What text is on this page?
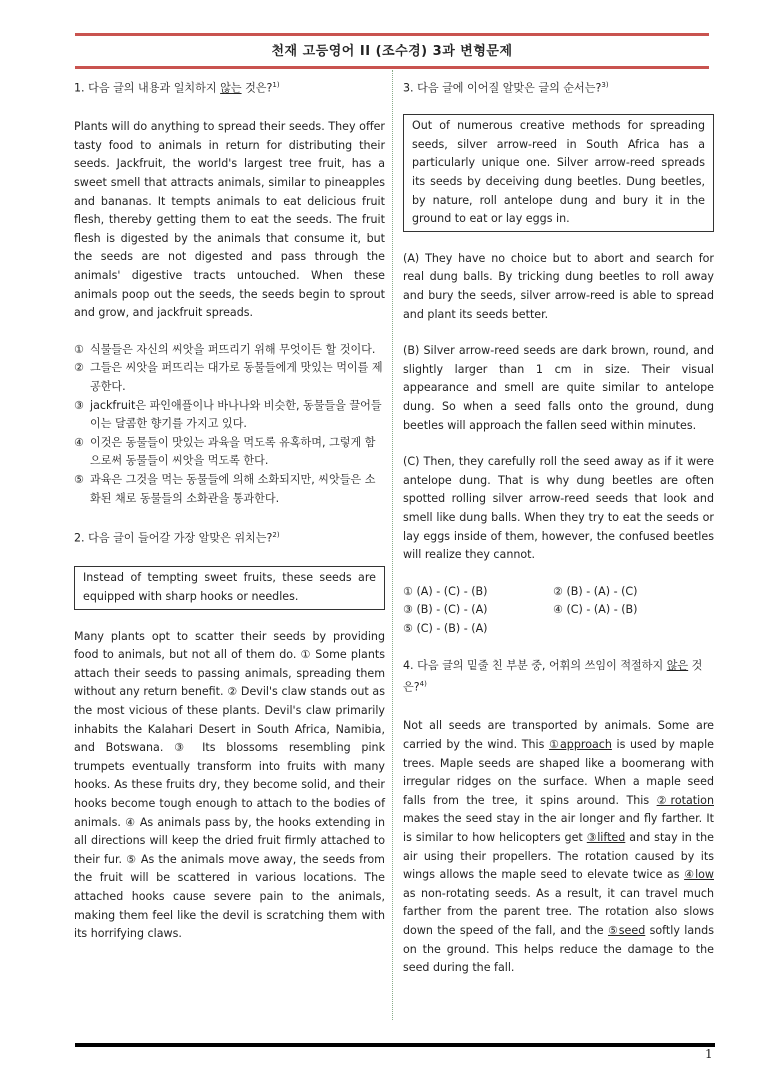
천재 고등영어 II (조수경) 3과 변형문제

1. 다음 글의 내용과 일치하지 않는 것은?$^{1)}$

Plants will do anything to spread their seeds. They offer tasty food to animals in return for distributing their seeds. Jackfruit, the world's largest tree fruit, has a sweet smell that attracts animals, similar to pineapples and bananas. It tempts animals to eat delicious fruit flesh, thereby getting them to eat the seeds. The fruit flesh is digested by the animals that consume it, but the seeds are not digested and pass through the animals' digestive tracts untouched. When these animals poop out the seeds, the seeds begin to sprout and grow, and jackfruit spreads.

① 식물들은 자신의 씨앗을 퍼뜨리기 위해 무엇이든 할 것이다.
② 그들은 씨앗을 퍼뜨리는 대가로 동물들에게 맛있는 먹이를 제공한다.
③ jackfruit은 파인애플이나 바나나와 비슷한, 동물들을 끌어들이는 달콤한 향기를 가지고 있다.
④ 이것은 동물들이 맛있는 과육을 먹도록 유혹하며, 그렇게 함으로써 동물들이 씨앗을 먹도록 한다.
⑤ 과육은 그것을 먹는 동물들에 의해 소화되지만, 씨앗들은 소화된 채로 동물들의 소화관을 통과한다.

2. 다음 글이 들어갈 가장 알맞은 위치는?$^{2)}$

Instead of tempting sweet fruits, these seeds are equipped with sharp hooks or needles.

Many plants opt to scatter their seeds by providing food to animals, but not all of them do. ① Some plants attach their seeds to passing animals, spreading them without any return benefit. ② Devil's claw stands out as the most vicious of these plants. Devil's claw primarily inhabits the Kalahari Desert in South Africa, Namibia, and Botswana. ③ Its blossoms resembling pink trumpets eventually transform into fruits with many hooks. As these fruits dry, they become solid, and their hooks become tough enough to attach to the bodies of animals. ④ As animals pass by, the hooks extending in all directions will keep the dried fruit firmly attached to their fur. ⑤ As the animals move away, the seeds from the fruit will be scattered in various locations. The attached hooks cause severe pain to the animals, making them feel like the devil is scratching them with its horrifying claws.

3. 다음 글에 이어질 알맞은 글의 순서는?$^{3)}$

Out of numerous creative methods for spreading seeds, silver arrow-reed in South Africa has a particularly unique one. Silver arrow-reed spreads its seeds by deceiving dung beetles. Dung beetles, by nature, roll antelope dung and bury it in the ground to eat or lay eggs in.

(A) They have no choice but to abort and search for real dung balls. By tricking dung beetles to roll away and bury the seeds, silver arrow-reed is able to spread and plant its seeds better.

(B) Silver arrow-reed seeds are dark brown, round, and slightly larger than 1 cm in size. Their visual appearance and smell are quite similar to antelope dung. So when a seed falls onto the ground, dung beetles will approach the fallen seed within minutes.

(C) Then, they carefully roll the seed away as if it were antelope dung. That is why dung beetles are often spotted rolling silver arrow-reed seeds that look and smell like dung balls. When they try to eat the seeds or lay eggs inside of them, however, the confused beetles will realize they cannot.

① (A) - (C) - (B)	② (B) - (A) - (C)
③ (B) - (C) - (A)	④ (C) - (A) - (B)
⑤ (C) - (B) - (A)

4. 다음 글의 밑줄 친 부분 중, 어휘의 쓰임이 적절하지 않은 것은?$^{4)}$

Not all seeds are transported by animals. Some are carried by the wind. This ①approach is used by maple trees. Maple seeds are shaped like a boomerang with irregular ridges on the surface. When a maple seed falls from the tree, it spins around. This ②rotation makes the seed stay in the air longer and fly farther. It is similar to how helicopters get ③lifted and stay in the air using their propellers. The rotation caused by its wings allows the maple seed to elevate twice as ④low as non-rotating seeds. As a result, it can travel much farther from the parent tree. The rotation also slows down the speed of the fall, and the ⑤seed softly lands on the ground. This helps reduce the damage to the seed during the fall.

1
